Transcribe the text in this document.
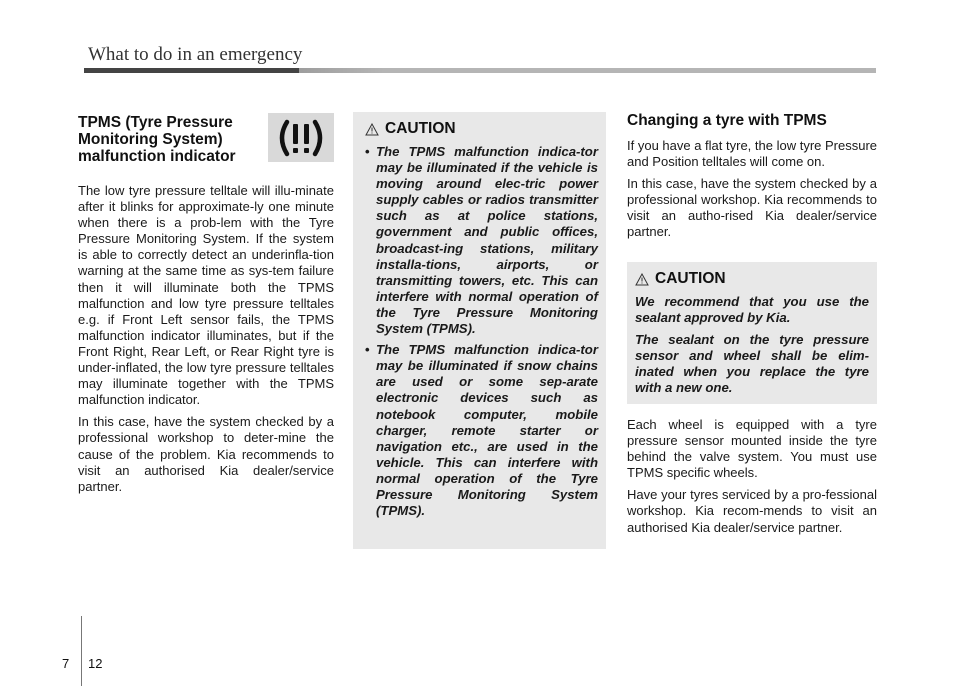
What to do in an emergency
TPMS (Tyre Pressure Monitoring System) malfunction indicator

The low tyre pressure telltale will illu-minate after it blinks for approximate-ly one minute when there is a prob-lem with the Tyre Pressure Monitoring System. If the system is able to correctly detect an underinfla-tion warning at the same time as sys-tem failure then it will illuminate both the TPMS malfunction and low tyre pressure telltales e.g. if Front Left sensor fails, the TPMS malfunction indicator illuminates, but if the Front Right, Rear Left, or Rear Right tyre is under-inflated, the low tyre pressure telltales may illuminate together with the TPMS malfunction indicator.

In this case, have the system checked by a professional workshop to deter-mine the cause of the problem. Kia recommends to visit an authorised Kia dealer/service partner.

CAUTION
• The TPMS malfunction indica-tor may be illuminated if the vehicle is moving around elec-tric power supply cables or radios transmitter such as at police stations, government and public offices, broadcast-ing stations, military installa-tions, airports, or transmitting towers, etc. This can interfere with normal operation of the Tyre Pressure Monitoring System (TPMS).
• The TPMS malfunction indica-tor may be illuminated if snow chains are used or some sep-arate electronic devices such as notebook computer, mobile charger, remote starter or navigation etc., are used in the vehicle. This can interfere with normal operation of the Tyre Pressure Monitoring System (TPMS).
Changing a tyre with TPMS

If you have a flat tyre, the low tyre Pressure and Position telltales will come on.

In this case, have the system checked by a professional workshop. Kia recommends to visit an autho-rised Kia dealer/service partner.

CAUTION

We recommend that you use the sealant approved by Kia.

The sealant on the tyre pressure sensor and wheel shall be elim-inated when you replace the tyre with a new one.

Each wheel is equipped with a tyre pressure sensor mounted inside the tyre behind the valve system. You must use TPMS specific wheels.

Have your tyres serviced by a pro-fessional workshop. Kia recom-mends to visit an authorised Kia dealer/service partner.

7 12
